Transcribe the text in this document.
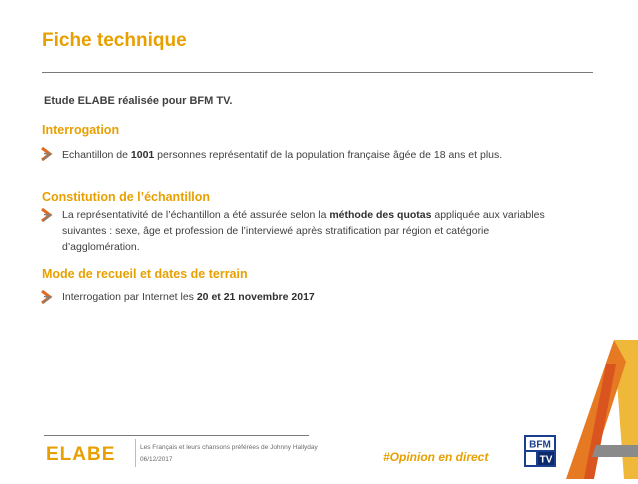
Fiche technique
Etude ELABE réalisée pour BFM TV.
Interrogation
Echantillon de 1001 personnes représentatif de la population française âgée de 18 ans et plus.
Constitution de l’échantillon
La représentativité de l’échantillon a été assurée selon la méthode des quotas appliquée aux variables
suivantes : sexe, âge et profession de l’interviewé après stratification par région et catégorie
d’agglomération.
Mode de recueil et dates de terrain
Interrogation par Internet les 20 et 21 novembre 2017
ELABE	Les Français et leurs chansons préférées de Johnny Hallyday
06/12/2017	#Opinion en direct
BFM
TV
